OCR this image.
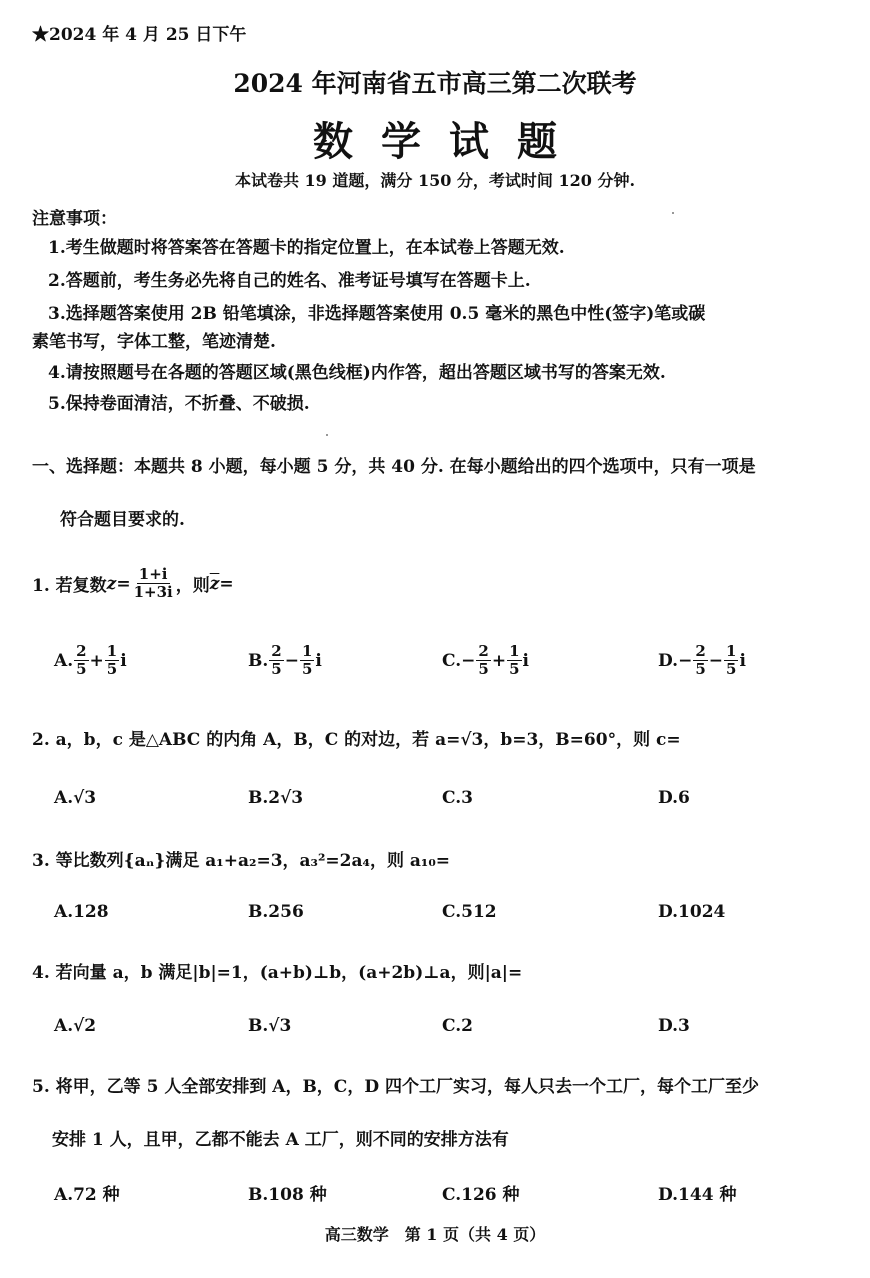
★2024 年 4 月 25 日下午
2024 年河南省五市高三第二次联考
数学试题
本试卷共 19 道题，满分 150 分，考试时间 120 分钟.
注意事项：
1.考生做题时将答案答在答题卡的指定位置上，在本试卷上答题无效.
2.答题前，考生务必先将自己的姓名、准考证号填写在答题卡上.
3.选择题答案使用 2B 铅笔填涂，非选择题答案使用 0.5 毫米的黑色中性(签字)笔或碳
素笔书写，字体工整，笔迹清楚.
4.请按照题号在各题的答题区域(黑色线框)内作答，超出答题区域书写的答案无效.
5.保持卷面清洁，不折叠、不破损.
一、选择题：本题共 8 小题，每小题 5 分，共 40 分. 在每小题给出的四个选项中，只有一项是
符合题目要求的.
1. 若复数 $z = \frac{1+i}{1+3i}$ ，则 $\overline{z}$ =
A. $\frac{2}{5} + \frac{1}{5}$ i	B. $\frac{2}{5} - \frac{1}{5}$ i	C. − $\frac{2}{5} + \frac{1}{5}$ i	D. − $\frac{2}{5} - \frac{1}{5}$ i
2. a，b，c 是△ABC 的内角 A，B，C 的对边，若 a=√3，b=3，B=60°，则 c=
A.√3	B.2√3	C.3	D.6
3. 等比数列{aₙ}满足 a₁+a₂=3，a₃²=2a₄，则 a₁₀=
A.128	B.256	C.512	D.1024
4. 若向量 a，b 满足|b|=1，(a+b)⊥b，(a+2b)⊥a，则|a|=
A.√2	B.√3	C.2	D.3
5. 将甲，乙等 5 人全部安排到 A，B，C，D 四个工厂实习，每人只去一个工厂，每个工厂至少
安排 1 人，且甲，乙都不能去 A 工厂，则不同的安排方法有
A.72 种	B.108 种	C.126 种	D.144 种
高三数学　第 1 页（共 4 页）
